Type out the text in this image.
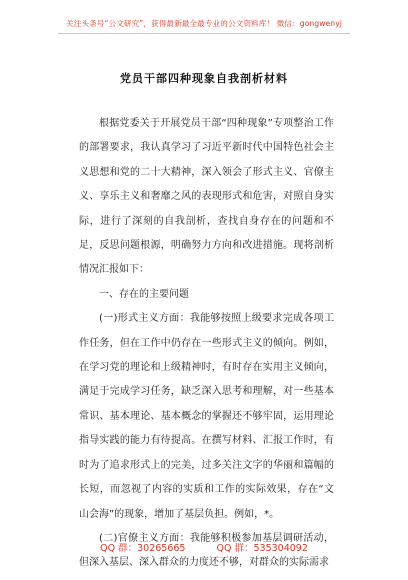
关注头条号“公文研究”，获得最新最全最专业的公文资料库！ 微信：gongwenyj
党员干部四种现象自我剖析材料

根据党委关于开展党员干部“四种现象”专项整治工作的部署要求，我认真学习了习近平新时代中国特色社会主义思想和党的二十大精神，深入领会了形式主义、官僚主义、享乐主义和奢靡之风的表现形式和危害，对照自身实际，进行了深刻的自我剖析，查找自身存在的问题和不足，反思问题根源，明确努力方向和改进措施。现将剖析情况汇报如下：

一、存在的主要问题

(一)形式主义方面：我能够按照上级要求完成各项工作任务，但在工作中仍存在一些形式主义的倾向。例如，在学习党的理论和上级精神时，有时存在实用主义倾向，满足于完成学习任务，缺乏深入思考和理解，对一些基本常识、基本理论、基本概念的掌握还不够牢固，运用理论指导实践的能力有待提高。在撰写材料、汇报工作时，有时为了追求形式上的完美，过多关注文字的华丽和篇幅的长短，而忽视了内容的实质和工作的实际效果，存在“文山会海”的现象，增加了基层负担。例如，*。

(二)官僚主义方面：我能够积极参加基层调研活动，但深入基层、深入群众的力度还不够，对群众的实际需求

QQ 群：30265665	QQ 群：535304092
